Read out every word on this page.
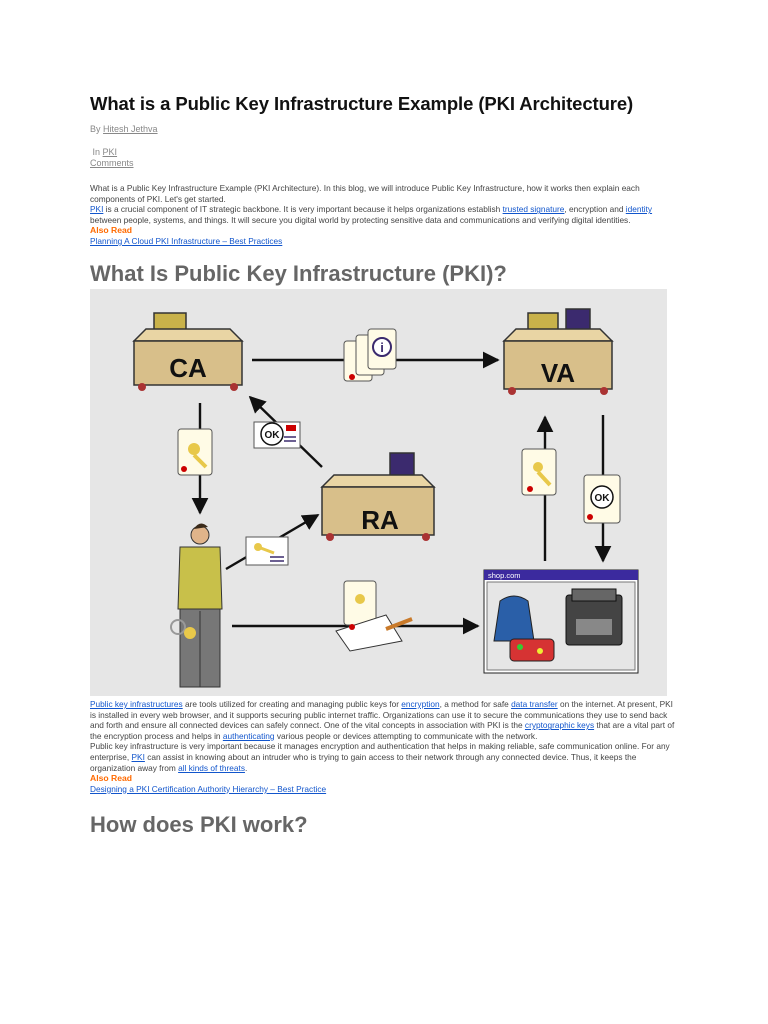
What is a Public Key Infrastructure Example (PKI Architecture)
By Hitesh Jethva
In PKI
Comments

What is a Public Key Infrastructure Example (PKI Architecture). In this blog, we will introduce Public Key Infrastructure, how it works then explain each components of PKI. Let's get started.

PKI is a crucial component of IT strategic backbone. It is very important because it helps organizations establish trusted signature, encryption and identity between people, systems, and things. It will secure you digital world by protecting sensitive data and communications and verifying digital identities.

Also Read

Planning A Cloud PKI Infrastructure – Best Practices

What Is Public Key Infrastructure (PKI)?
CA	VA
RA
i
OK
OK
shop.com

Public key infrastructures are tools utilized for creating and managing public keys for encryption, a method for safe data transfer on the internet. At present, PKI is installed in every web browser, and it supports securing public internet traffic. Organizations can use it to secure the communications they use to send back and forth and ensure all connected devices can safely connect. One of the vital concepts in association with PKI is the cryptographic keys that are a vital part of the encryption process and helps in authenticating various people or devices attempting to communicate with the network.

Public key infrastructure is very important because it manages encryption and authentication that helps in making reliable, safe communication online. For any enterprise, PKI can assist in knowing about an intruder who is trying to gain access to their network through any connected device. Thus, it keeps the organization away from all kinds of threats.

Also Read

Designing a PKI Certification Authority Hierarchy – Best Practice

How does PKI work?
